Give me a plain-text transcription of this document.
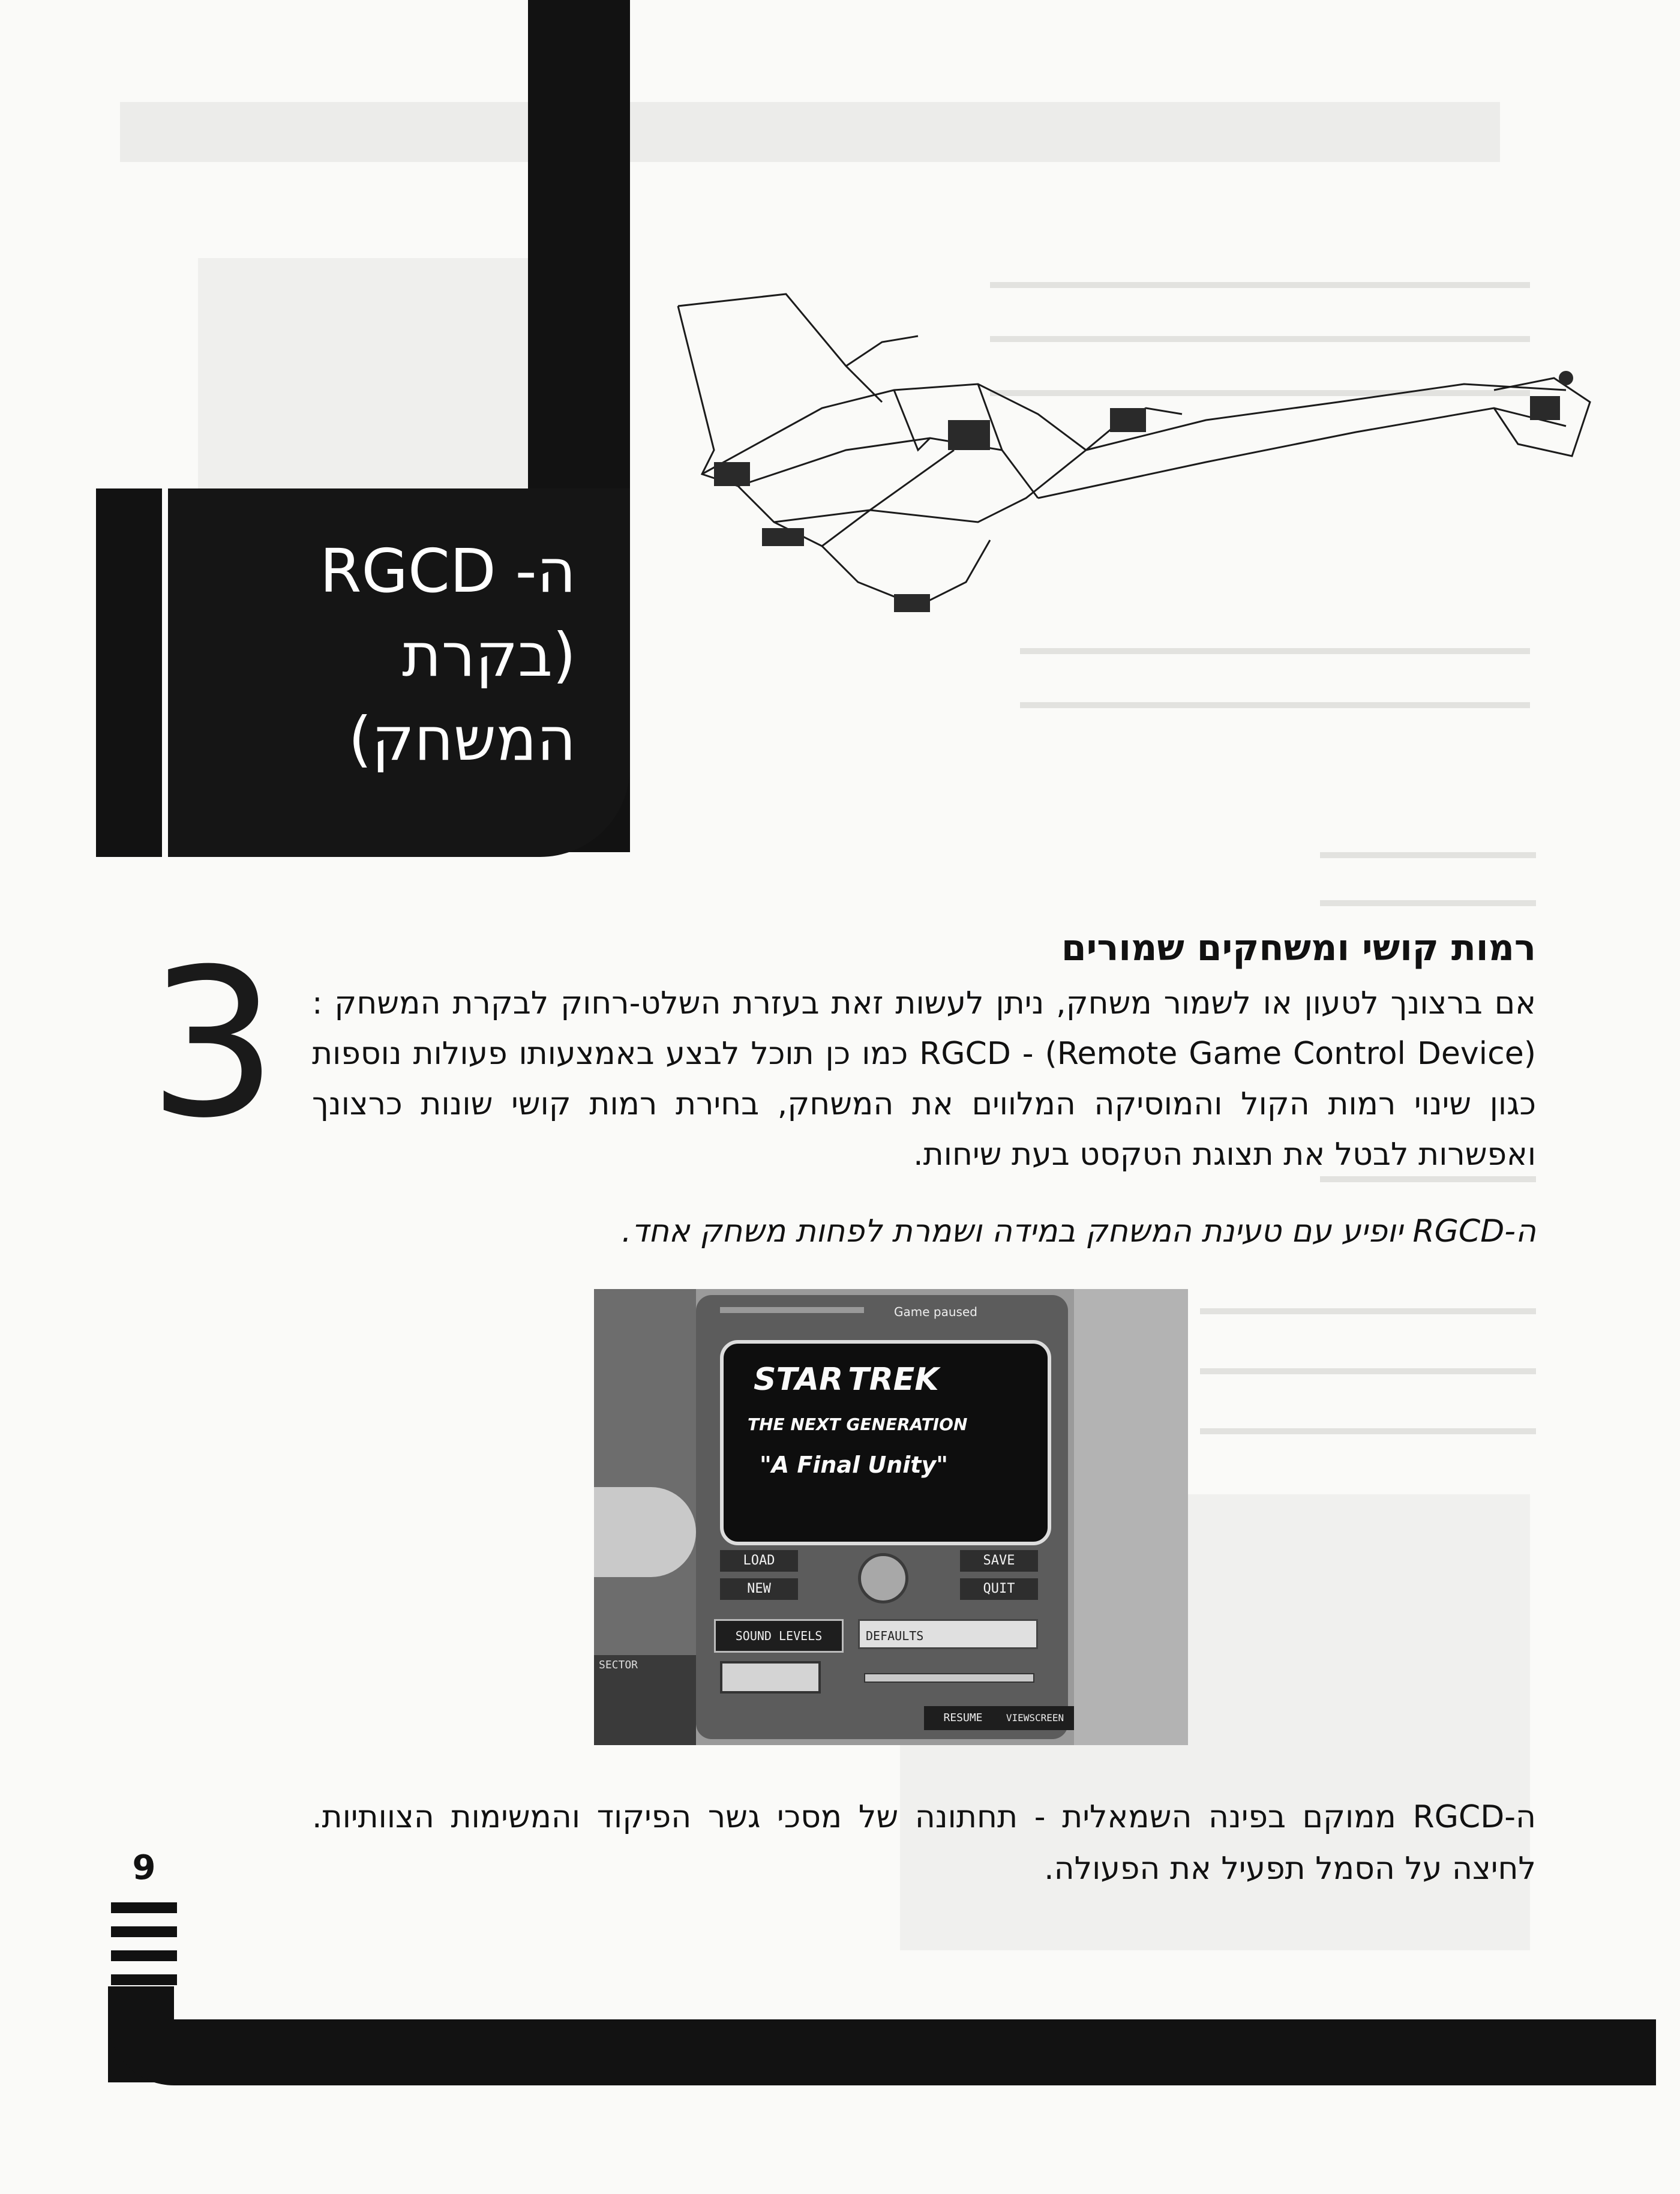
ה- RGCD
(בקרת
המשחק)
3	רמות קושי ומשחקים שמורים
אם ברצונך לטעון או לשמור משחק, ניתן לעשות זאת בעזרת השלט-רחוק לבקרת המשחק : RGCD - (Remote Game Control Device) כמו כן תוכל לבצע באמצעותו פעולות נוספות כגון שינוי רמות הקול והמוסיקה המלווים את המשחק, בחירת רמות קושי שונות כרצונך ואפשרות לבטל את תצוגת הטקסט בעת שיחות.
ה-RGCD יופיע עם טעינת המשחק במידה ושמרת לפחות משחק אחד.
SECTOR
Game paused
STAR TREK
THE NEXT GENERATION
"A Final Unity"
LOAD
NEW
SAVE
QUIT
SOUND LEVELS	DEFAULTS
RESUME	VIEWSCREEN
ה-RGCD ממוקם בפינה השמאלית - תחתונה של מסכי גשר הפיקוד והמשימות הצוותיות. לחיצה על הסמל תפעיל את הפעולה.
9
